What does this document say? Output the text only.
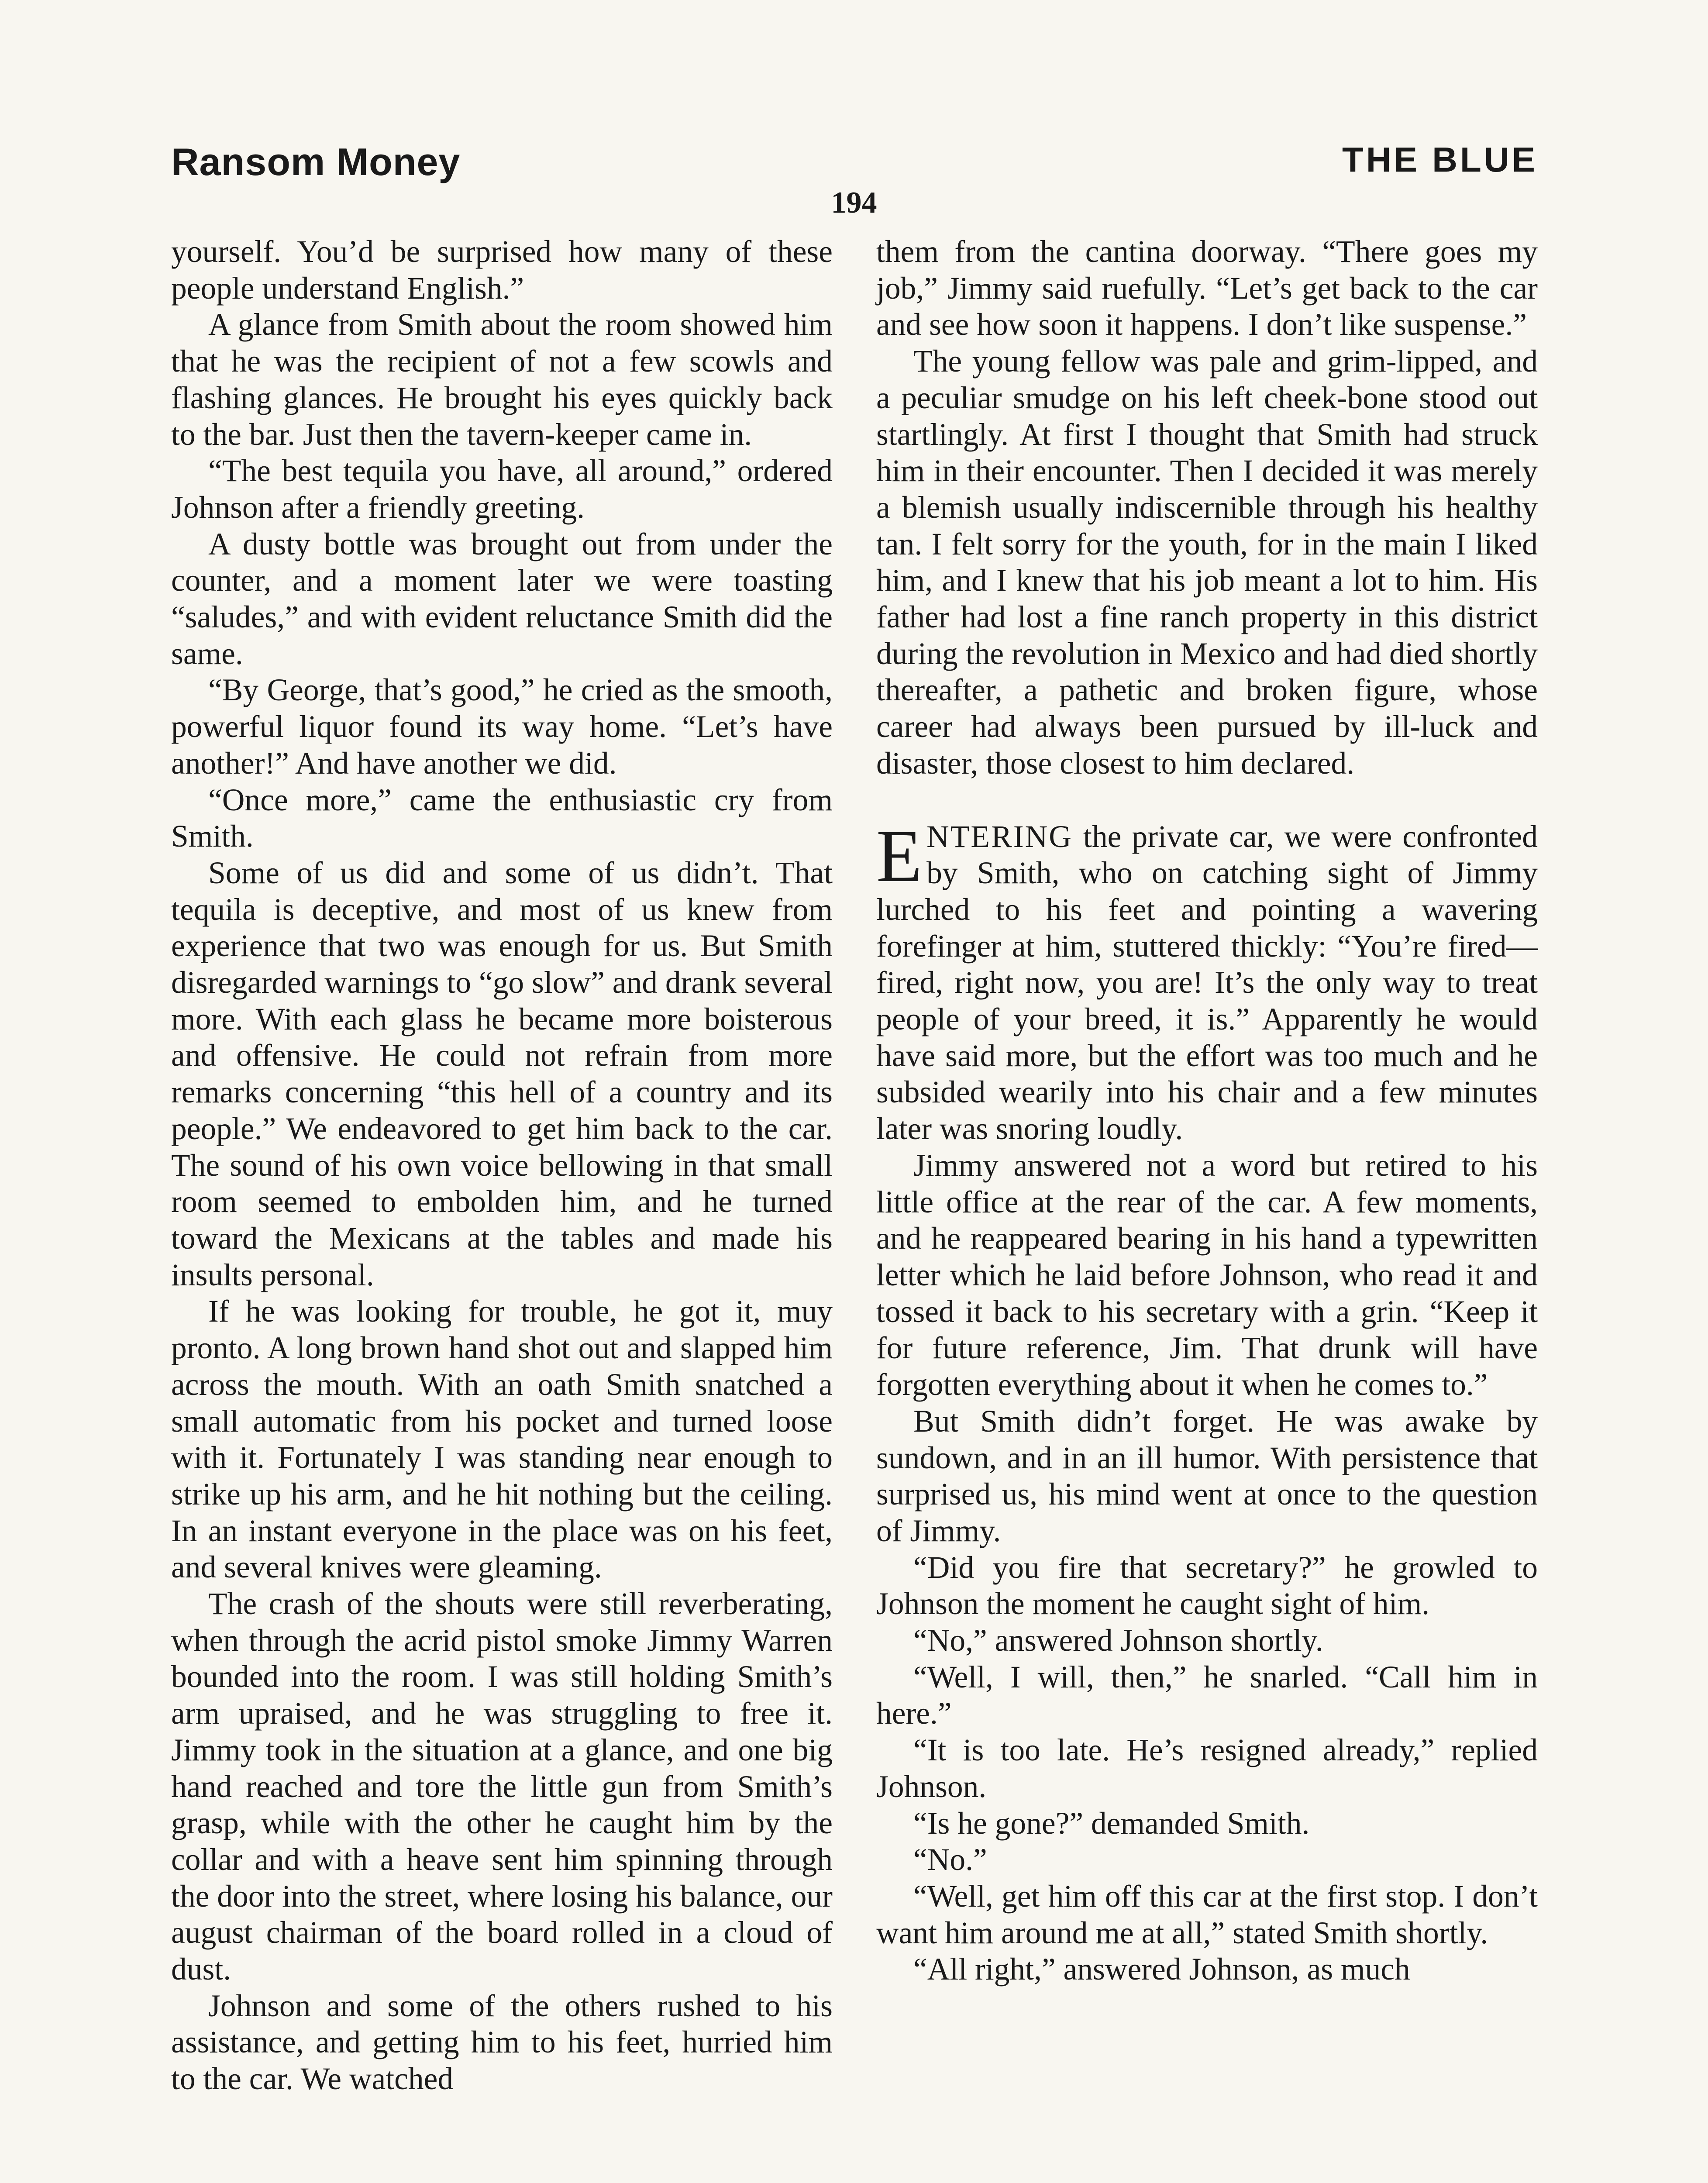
Ransom Money	THE BLUE
194

yourself. You’d be surprised how many of these people understand English.”

A glance from Smith about the room showed him that he was the recipient of not a few scowls and flashing glances. He brought his eyes quickly back to the bar. Just then the tavern-keeper came in.

“The best tequila you have, all around,” ordered Johnson after a friendly greeting.

A dusty bottle was brought out from under the counter, and a moment later we were toasting “saludes,” and with evident reluctance Smith did the same.

“By George, that’s good,” he cried as the smooth, powerful liquor found its way home. “Let’s have another!” And have another we did.

“Once more,” came the enthusiastic cry from Smith.

Some of us did and some of us didn’t. That tequila is deceptive, and most of us knew from experience that two was enough for us. But Smith disregarded warnings to “go slow” and drank several more. With each glass he became more boisterous and offensive. He could not refrain from more remarks concerning “this hell of a country and its people.” We endeavored to get him back to the car. The sound of his own voice bellowing in that small room seemed to embolden him, and he turned toward the Mexicans at the tables and made his insults personal.

If he was looking for trouble, he got it, muy pronto. A long brown hand shot out and slapped him across the mouth. With an oath Smith snatched a small automatic from his pocket and turned loose with it. Fortunately I was standing near enough to strike up his arm, and he hit nothing but the ceiling. In an instant everyone in the place was on his feet, and several knives were gleaming.

The crash of the shouts were still reverberating, when through the acrid pistol smoke Jimmy Warren bounded into the room. I was still holding Smith’s arm upraised, and he was struggling to free it. Jimmy took in the situation at a glance, and one big hand reached and tore the little gun from Smith’s grasp, while with the other he caught him by the collar and with a heave sent him spinning through the door into the street, where losing his balance, our august chairman of the board rolled in a cloud of dust.

Johnson and some of the others rushed to his assistance, and getting him to his feet, hurried him to the car. We watched

them from the cantina doorway. “There goes my job,” Jimmy said ruefully. “Let’s get back to the car and see how soon it happens. I don’t like suspense.”

The young fellow was pale and grim-lipped, and a peculiar smudge on his left cheek-bone stood out startlingly. At first I thought that Smith had struck him in their encounter. Then I decided it was merely a blemish usually indiscernible through his healthy tan. I felt sorry for the youth, for in the main I liked him, and I knew that his job meant a lot to him. His father had lost a fine ranch property in this district during the revolution in Mexico and had died shortly thereafter, a pathetic and broken figure, whose career had always been pursued by ill-luck and disaster, those closest to him declared.

ENTERING the private car, we were confronted by Smith, who on catching sight of Jimmy lurched to his feet and pointing a wavering forefinger at him, stuttered thickly: “You’re fired—fired, right now, you are! It’s the only way to treat people of your breed, it is.” Apparently he would have said more, but the effort was too much and he subsided wearily into his chair and a few minutes later was snoring loudly.

Jimmy answered not a word but retired to his little office at the rear of the car. A few moments, and he reappeared bearing in his hand a typewritten letter which he laid before Johnson, who read it and tossed it back to his secretary with a grin. “Keep it for future reference, Jim. That drunk will have forgotten everything about it when he comes to.”

But Smith didn’t forget. He was awake by sundown, and in an ill humor. With persistence that surprised us, his mind went at once to the question of Jimmy.

“Did you fire that secretary?” he growled to Johnson the moment he caught sight of him.

“No,” answered Johnson shortly.

“Well, I will, then,” he snarled. “Call him in here.”

“It is too late. He’s resigned already,” replied Johnson.

“Is he gone?” demanded Smith.

“No.”

“Well, get him off this car at the first stop. I don’t want him around me at all,” stated Smith shortly.

“All right,” answered Johnson, as much
